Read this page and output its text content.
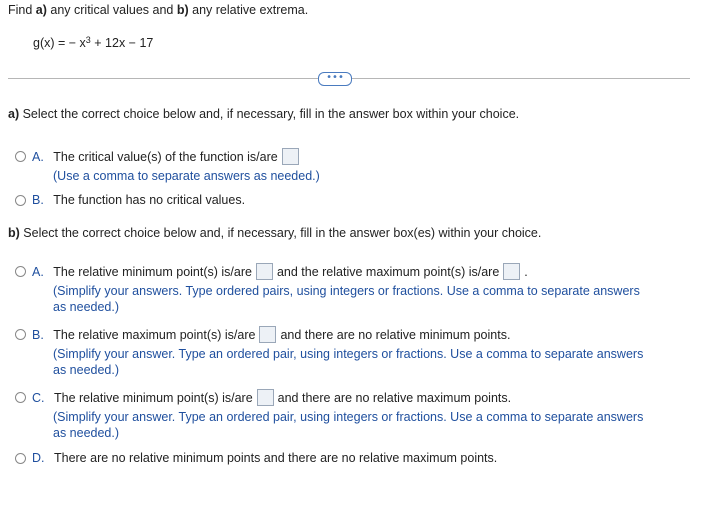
Find a) any critical values and b) any relative extrema.
g(x) = − $x^3 + 12x - 17$
•••
a) Select the correct choice below and, if necessary, fill in the answer box within your choice.
A. The critical value(s) of the function is/are
(Use a comma to separate answers as needed.)
B. The function has no critical values.
b) Select the correct choice below and, if necessary, fill in the answer box(es) within your choice.
A. The relative minimum point(s) is/are and the relative maximum point(s) is/are .
(Simplify your answers. Type ordered pairs, using integers or fractions. Use a comma to separate answers
as needed.)
B. The relative maximum point(s) is/are and there are no relative minimum points.
(Simplify your answer. Type an ordered pair, using integers or fractions. Use a comma to separate answers
as needed.)
C. The relative minimum point(s) is/are and there are no relative maximum points.
(Simplify your answer. Type an ordered pair, using integers or fractions. Use a comma to separate answers
as needed.)
D. There are no relative minimum points and there are no relative maximum points.
